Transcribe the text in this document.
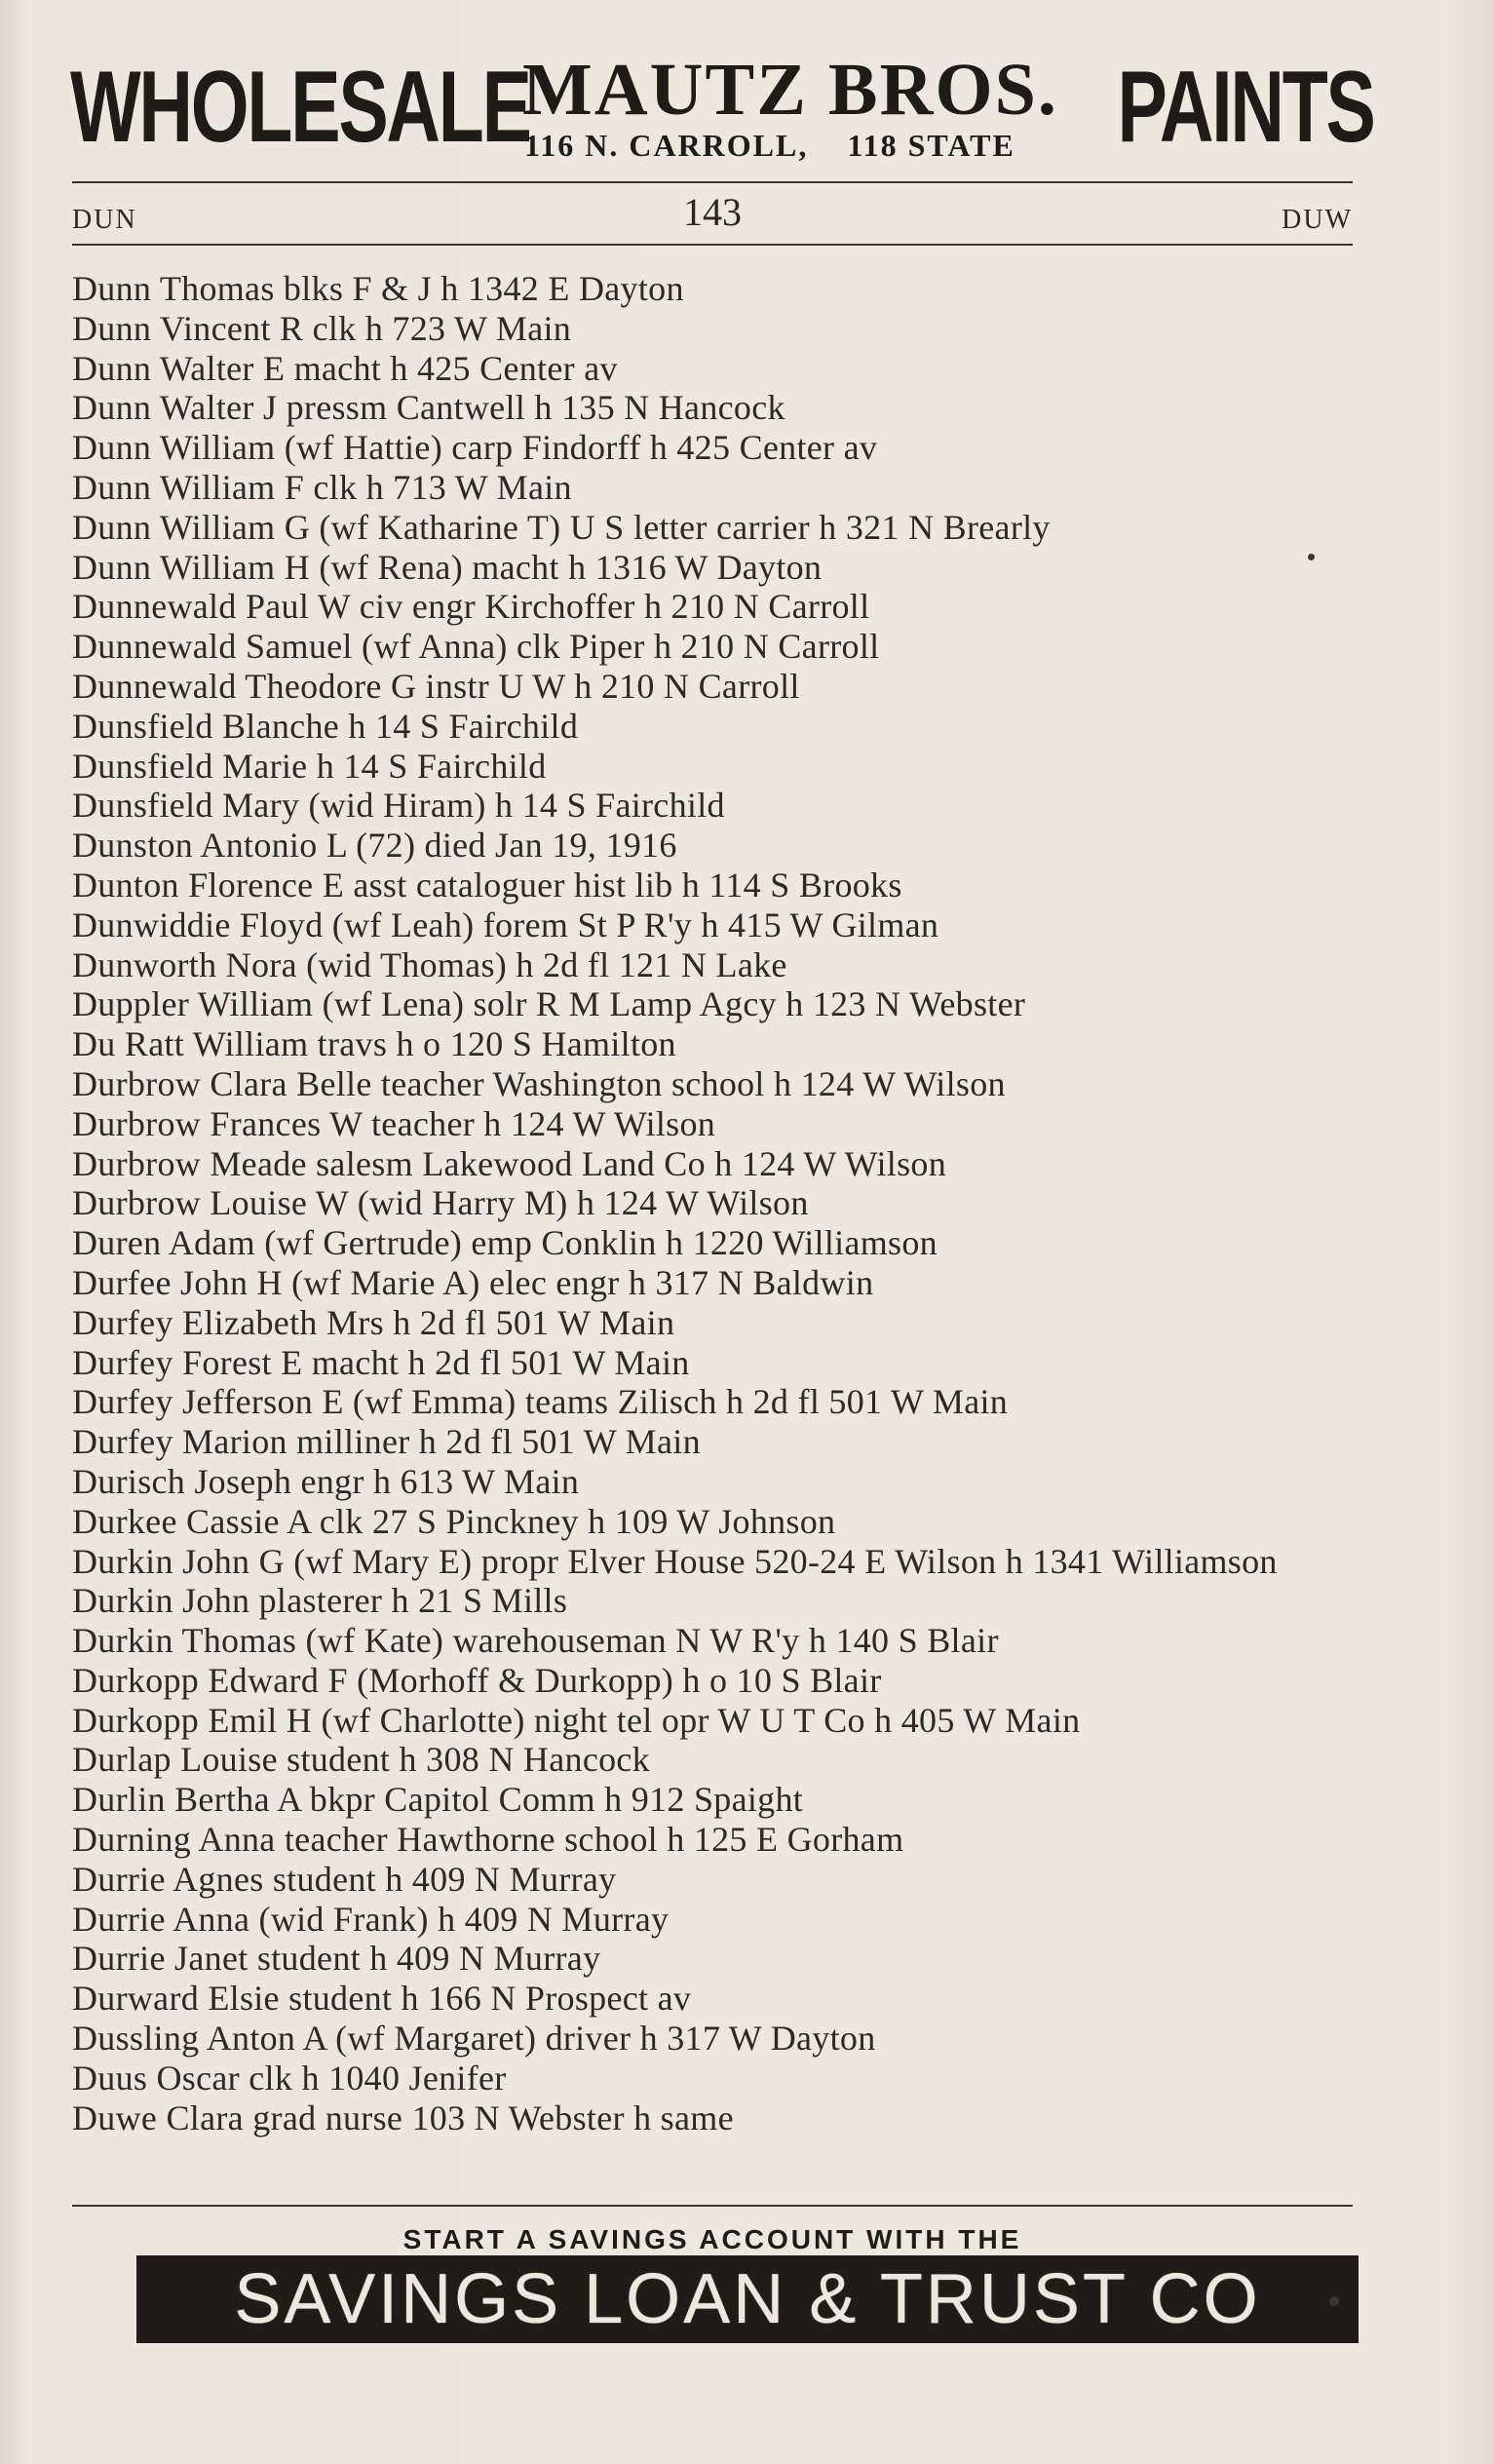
WHOLESALE
MAUTZ BROS.
116 N. CARROLL,    118 STATE PAINTS
DUN	143	DUW
Dunn Thomas blks F & J h 1342 E Dayton
Dunn Vincent R clk h 723 W Main
Dunn Walter E macht h 425 Center av
Dunn Walter J pressm Cantwell h 135 N Hancock
Dunn William (wf Hattie) carp Findorff h 425 Center av
Dunn William F clk h 713 W Main
Dunn William G (wf Katharine T) U S letter carrier h 321 N Brearly
Dunn William H (wf Rena) macht h 1316 W Dayton
Dunnewald Paul W civ engr Kirchoffer h 210 N Carroll
Dunnewald Samuel (wf Anna) clk Piper h 210 N Carroll
Dunnewald Theodore G instr U W h 210 N Carroll
Dunsfield Blanche h 14 S Fairchild
Dunsfield Marie h 14 S Fairchild
Dunsfield Mary (wid Hiram) h 14 S Fairchild
Dunston Antonio L (72) died Jan 19, 1916
Dunton Florence E asst cataloguer hist lib h 114 S Brooks
Dunwiddie Floyd (wf Leah) forem St P R'y h 415 W Gilman
Dunworth Nora (wid Thomas) h 2d fl 121 N Lake
Duppler William (wf Lena) solr R M Lamp Agcy h 123 N Webster
Du Ratt William travs h o 120 S Hamilton
Durbrow Clara Belle teacher Washington school h 124 W Wilson
Durbrow Frances W teacher h 124 W Wilson
Durbrow Meade salesm Lakewood Land Co h 124 W Wilson
Durbrow Louise W (wid Harry M) h 124 W Wilson
Duren Adam (wf Gertrude) emp Conklin h 1220 Williamson
Durfee John H (wf Marie A) elec engr h 317 N Baldwin
Durfey Elizabeth Mrs h 2d fl 501 W Main
Durfey Forest E macht h 2d fl 501 W Main
Durfey Jefferson E (wf Emma) teams Zilisch h 2d fl 501 W Main
Durfey Marion milliner h 2d fl 501 W Main
Durisch Joseph engr h 613 W Main
Durkee Cassie A clk 27 S Pinckney h 109 W Johnson
Durkin John G (wf Mary E) propr Elver House 520-24 E Wilson h 1341 Williamson
Durkin John plasterer h 21 S Mills
Durkin Thomas (wf Kate) warehouseman N W R'y h 140 S Blair
Durkopp Edward F (Morhoff & Durkopp) h o 10 S Blair
Durkopp Emil H (wf Charlotte) night tel opr W U T Co h 405 W Main
Durlap Louise student h 308 N Hancock
Durlin Bertha A bkpr Capitol Comm h 912 Spaight
Durning Anna teacher Hawthorne school h 125 E Gorham
Durrie Agnes student h 409 N Murray
Durrie Anna (wid Frank) h 409 N Murray
Durrie Janet student h 409 N Murray
Durward Elsie student h 166 N Prospect av
Dussling Anton A (wf Margaret) driver h 317 W Dayton
Duus Oscar clk h 1040 Jenifer
Duwe Clara grad nurse 103 N Webster h same
START A SAVINGS ACCOUNT WITH THE
SAVINGS LOAN & TRUST CO
